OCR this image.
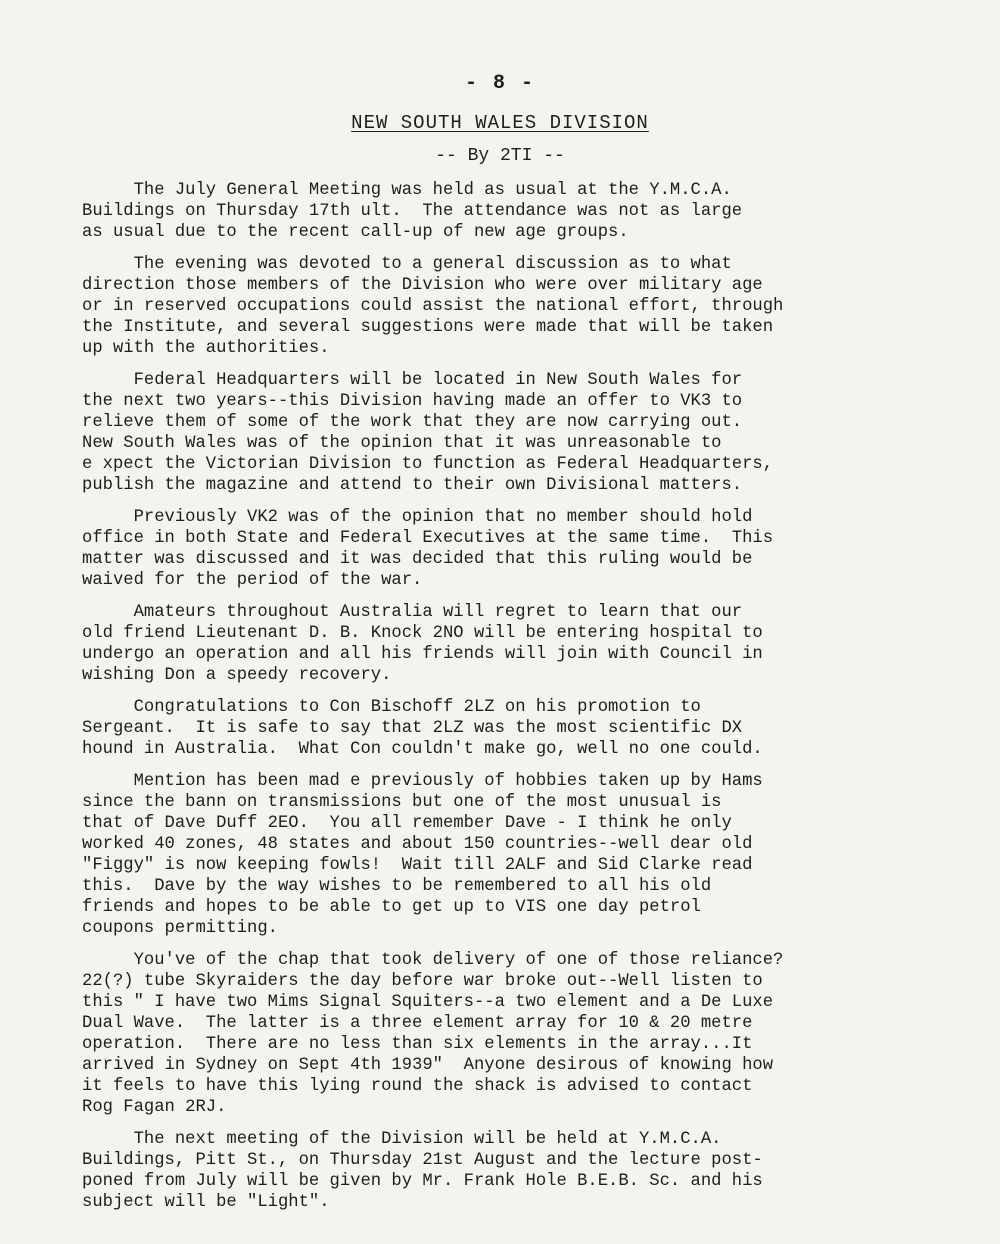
- 8 -
NEW SOUTH WALES DIVISION
-- By 2TI --
The July General Meeting was held as usual at the Y.M.C.A.
Buildings on Thursday 17th ult.  The attendance was not as large
as usual due to the recent call-up of new age groups.
The evening was devoted to a general discussion as to what
direction those members of the Division who were over military age
or in reserved occupations could assist the national effort, through
the Institute, and several suggestions were made that will be taken
up with the authorities.
Federal Headquarters will be located in New South Wales for
the next two years--this Division having made an offer to VK3 to
relieve them of some of the work that they are now carrying out.
New South Wales was of the opinion that it was unreasonable to
e xpect the Victorian Division to function as Federal Headquarters,
publish the magazine and attend to their own Divisional matters.
Previously VK2 was of the opinion that no member should hold
office in both State and Federal Executives at the same time.  This
matter was discussed and it was decided that this ruling would be
waived for the period of the war.
Amateurs throughout Australia will regret to learn that our
old friend Lieutenant D. B. Knock 2NO will be entering hospital to
undergo an operation and all his friends will join with Council in
wishing Don a speedy recovery.
Congratulations to Con Bischoff 2LZ on his promotion to
Sergeant.  It is safe to say that 2LZ was the most scientific DX
hound in Australia.  What Con couldn't make go, well no one could.
Mention has been mad e previously of hobbies taken up by Hams
since the bann on transmissions but one of the most unusual is
that of Dave Duff 2EO.  You all remember Dave - I think he only
worked 40 zones, 48 states and about 150 countries--well dear old
"Figgy" is now keeping fowls!  Wait till 2ALF and Sid Clarke read
this.  Dave by the way wishes to be remembered to all his old
friends and hopes to be able to get up to VIS one day petrol
coupons permitting.
You've of the chap that took delivery of one of those reliance?
22(?) tube Skyraiders the day before war broke out--Well listen to
this " I have two Mims Signal Squiters--a two element and a De Luxe
Dual Wave.  The latter is a three element array for 10 & 20 metre
operation.  There are no less than six elements in the array...It
arrived in Sydney on Sept 4th 1939"  Anyone desirous of knowing how
it feels to have this lying round the shack is advised to contact
Rog Fagan 2RJ.
The next meeting of the Division will be held at Y.M.C.A.
Buildings, Pitt St., on Thursday 21st August and the lecture post-
poned from July will be given by Mr. Frank Hole B.E.B. Sc. and his
subject will be "Light".
